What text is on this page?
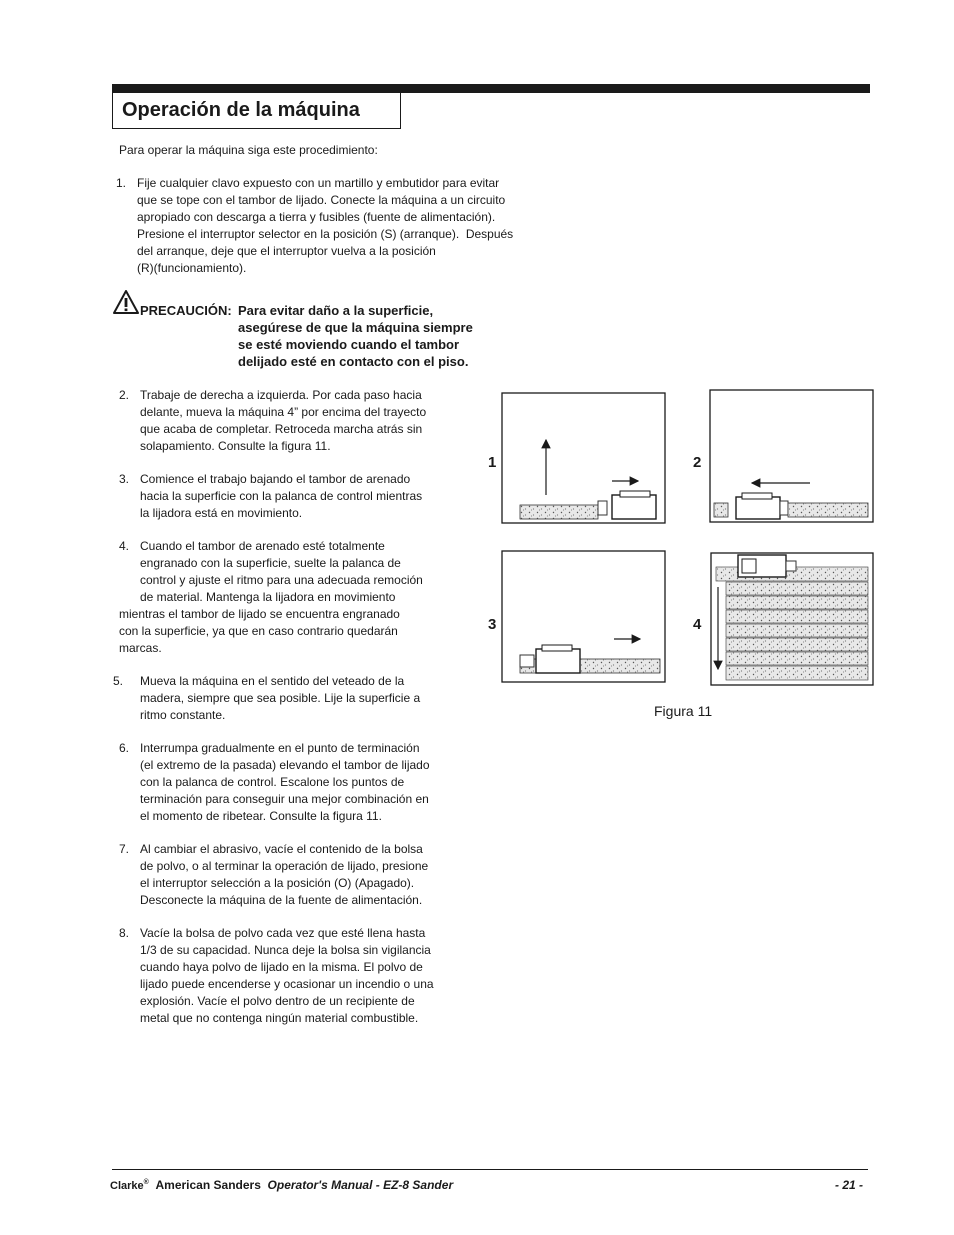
Operación de la máquina
Para operar la máquina siga este procedimiento:
1. Fije cualquier clavo expuesto con un martillo y embutidor para evitar
que se tope con el tambor de lijado. Conecte la máquina a un circuito
apropiado con descarga a tierra y fusibles (fuente de alimentación).
Presione el interruptor selector en la posición (S) (arranque).  Después
del arranque, deje que el interruptor vuelva a la posición
(R)(funcionamiento).
PRECAUCIÓN: Para evitar daño a la superficie,
asegúrese de que la máquina siempre
se esté moviendo cuando el tambor
delijado esté en contacto con el piso.
2. Trabaje de derecha a izquierda. Por cada paso hacia
delante, mueva la máquina 4” por encima del trayecto
que acaba de completar. Retroceda marcha atrás sin
solapamiento. Consulte la figura 11.
3. Comience el trabajo bajando el tambor de arenado
hacia la superficie con la palanca de control mientras
la lijadora está en movimiento.
4. Cuando el tambor de arenado esté totalmente
engranado con la superficie, suelte la palanca de
control y ajuste el ritmo para una adecuada remoción
de material. Mantenga la lijadora en movimiento
mientras el tambor de lijado se encuentra engranado
con la superficie, ya que en caso contrario quedarán
marcas.
5. Mueva la máquina en el sentido del veteado de la
madera, siempre que sea posible. Lije la superficie a
ritmo constante.
6. Interrumpa gradualmente en el punto de terminación
(el extremo de la pasada) elevando el tambor de lijado
con la palanca de control. Escalone los puntos de
terminación para conseguir una mejor combinación en
el momento de ribetear. Consulte la figura 11.
7. Al cambiar el abrasivo, vacíe el contenido de la bolsa
de polvo, o al terminar la operación de lijado, presione
el interruptor selección a la posición (O) (Apagado).
Desconecte la máquina de la fuente de alimentación.
8. Vacíe la bolsa de polvo cada vez que esté llena hasta
1/3 de su capacidad. Nunca deje la bolsa sin vigilancia
cuando haya polvo de lijado en la misma. El polvo de
lijado puede encenderse y ocasionar un incendio o una
explosión. Vacíe el polvo dentro de un recipiente de
metal que no contenga ningún material combustible.
1	2
3	4
Figura 11
Clarke® American Sanders Operator's Manual - EZ-8 Sander	- 21 -
